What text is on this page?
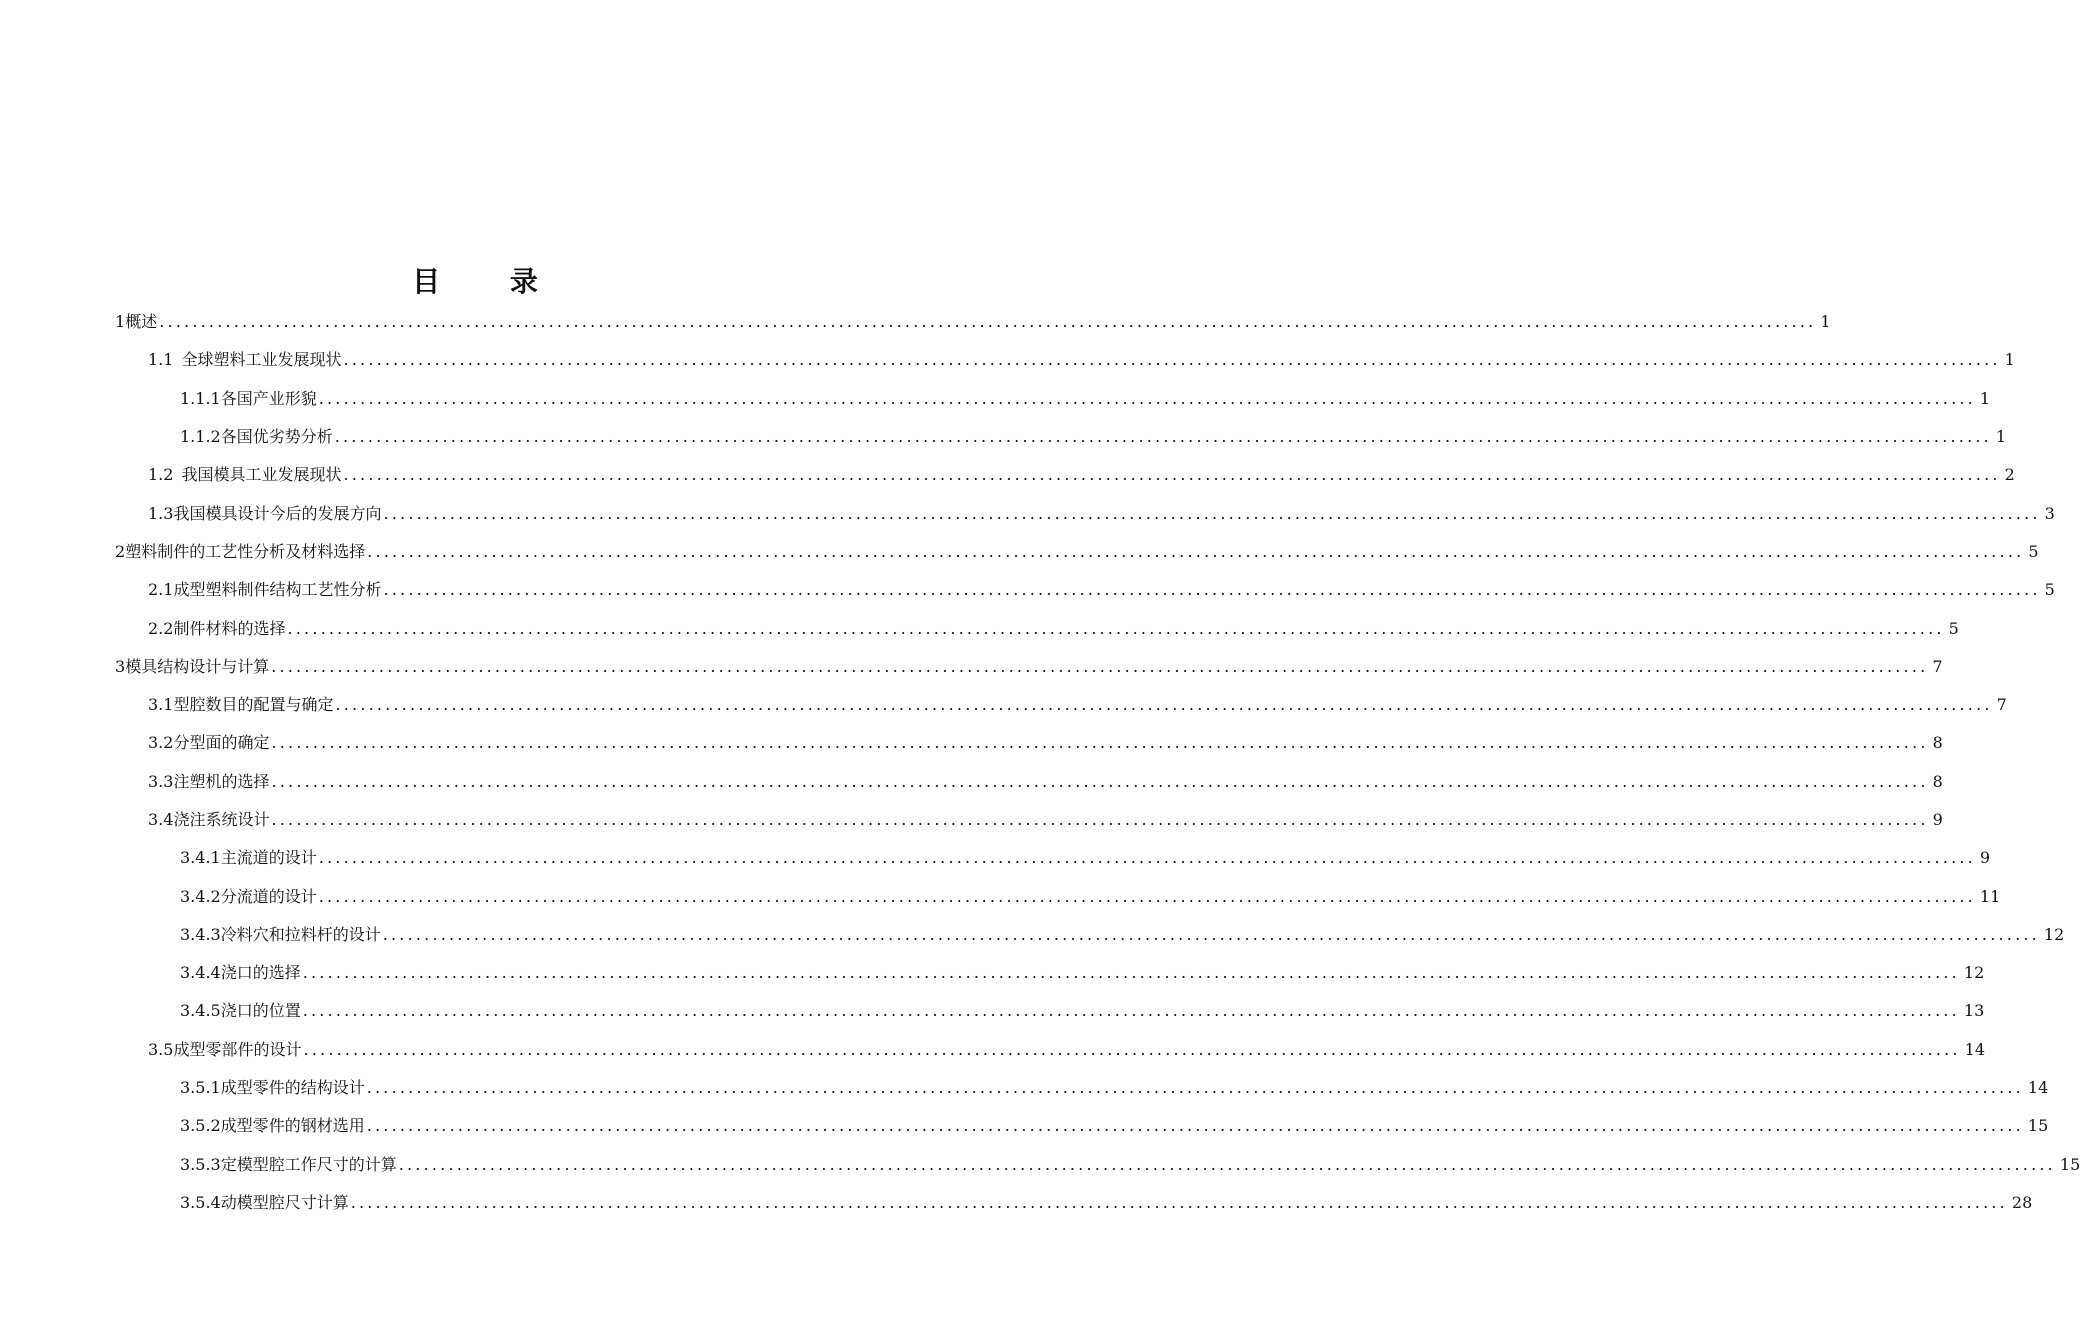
目 录
1 概述 ........................................................................................................................................................................................................ 1
1.1 全球塑料工业发展现状 ........................................................................................................................................................................................................ 1
1.1.1 各国产业形貌 ........................................................................................................................................................................................................ 1
1.1.2 各国优劣势分析 ........................................................................................................................................................................................................ 1
1.2 我国模具工业发展现状 ........................................................................................................................................................................................................ 2
1.3 我国模具设计今后的发展方向 ........................................................................................................................................................................................................ 3
2 塑料制件的工艺性分析及材料选择 ........................................................................................................................................................................................................ 5
2.1 成型塑料制件结构工艺性分析 ........................................................................................................................................................................................................ 5
2.2 制件材料的选择 ........................................................................................................................................................................................................ 5
3 模具结构设计与计算 ........................................................................................................................................................................................................ 7
3.1 型腔数目的配置与确定 ........................................................................................................................................................................................................ 7
3.2 分型面的确定 ........................................................................................................................................................................................................ 8
3.3 注塑机的选择 ........................................................................................................................................................................................................ 8
3.4 浇注系统设计 ........................................................................................................................................................................................................ 9
3.4.1 主流道的设计 ........................................................................................................................................................................................................ 9
3.4.2 分流道的设计 ........................................................................................................................................................................................................ 11
3.4.3 冷料穴和拉料杆的设计 ........................................................................................................................................................................................................ 12
3.4.4 浇口的选择 ........................................................................................................................................................................................................ 12
3.4.5 浇口的位置 ........................................................................................................................................................................................................ 13
3.5 成型零部件的设计 ........................................................................................................................................................................................................ 14
3.5.1 成型零件的结构设计 ........................................................................................................................................................................................................ 14
3.5.2 成型零件的钢材选用 ........................................................................................................................................................................................................ 15
3.5.3 定模型腔工作尺寸的计算 ........................................................................................................................................................................................................ 15
3.5.4 动模型腔尺寸计算 ........................................................................................................................................................................................................ 28
